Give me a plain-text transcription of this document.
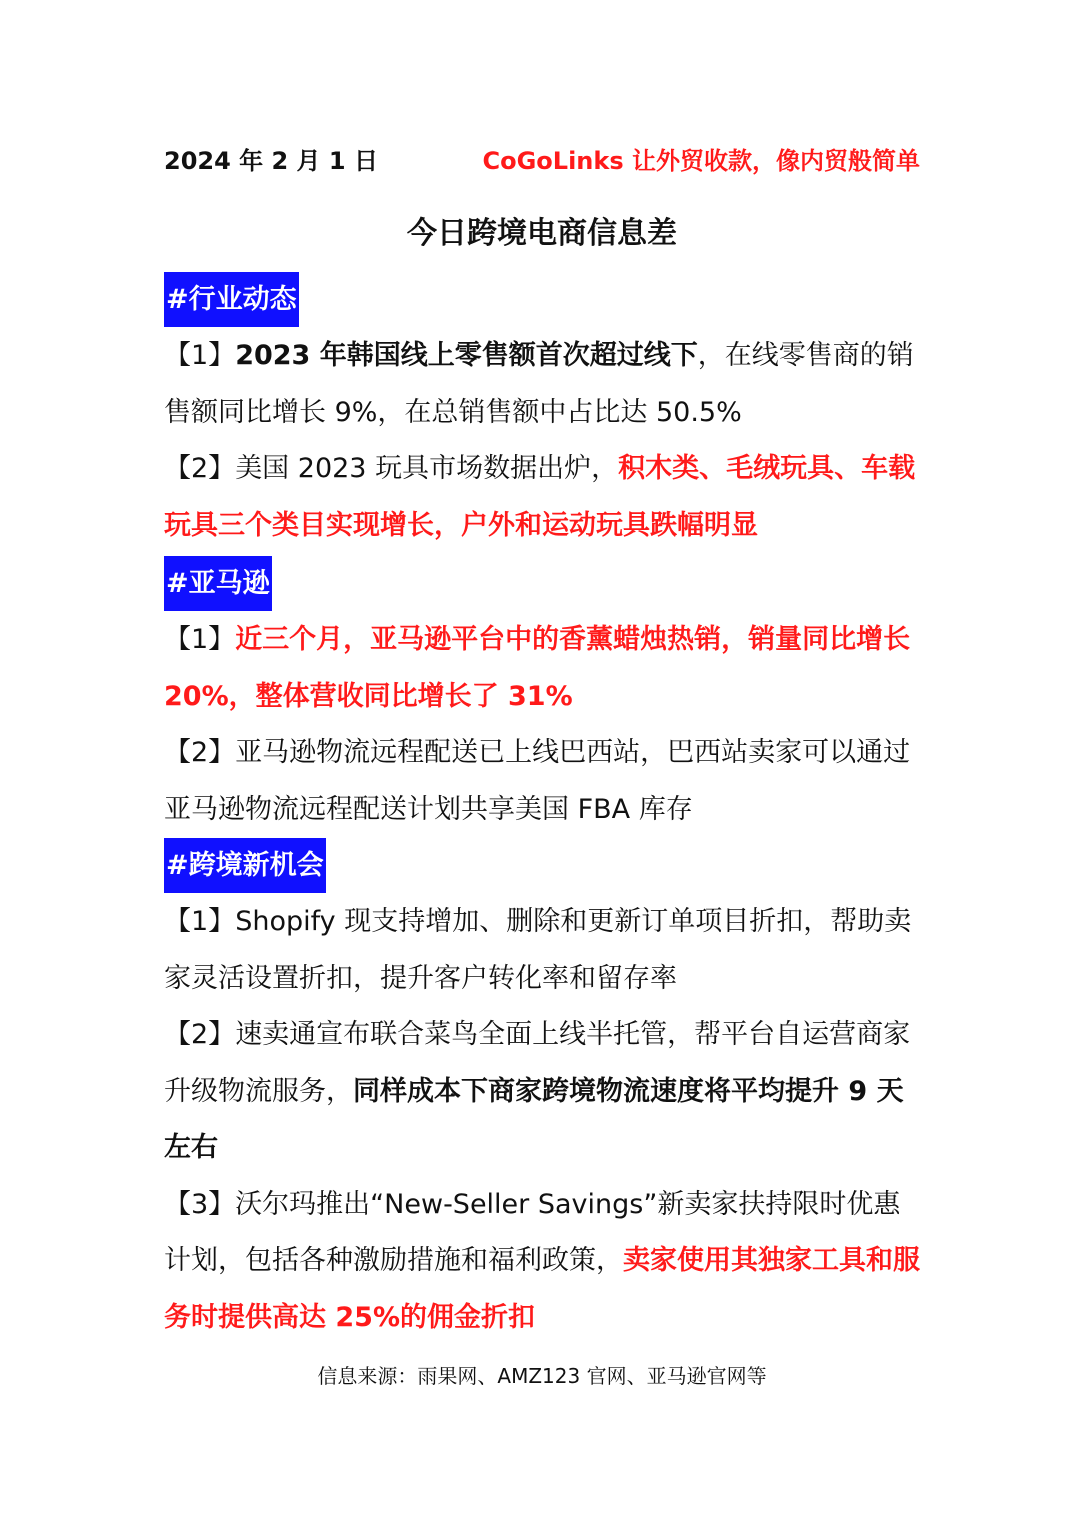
2024 年 2 月 1 日	CoGoLinks 让外贸收款，像内贸般简单
今日跨境电商信息差
#行业动态
【1】2023 年韩国线上零售额首次超过线下，在线零售商的销售额同比增长 9%，在总销售额中占比达 50.5%
【2】美国 2023 玩具市场数据出炉，积木类、毛绒玩具、车载玩具三个类目实现增长，户外和运动玩具跌幅明显
#亚马逊
【1】近三个月，亚马逊平台中的香薰蜡烛热销，销量同比增长 20%，整体营收同比增长了 31%
【2】亚马逊物流远程配送已上线巴西站，巴西站卖家可以通过亚马逊物流远程配送计划共享美国 FBA 库存
#跨境新机会
【1】Shopify 现支持增加、删除和更新订单项目折扣，帮助卖家灵活设置折扣，提升客户转化率和留存率
【2】速卖通宣布联合菜鸟全面上线半托管，帮平台自运营商家升级物流服务，同样成本下商家跨境物流速度将平均提升 9 天左右
【3】沃尔玛推出“New-Seller Savings”新卖家扶持限时优惠计划，包括各种激励措施和福利政策，卖家使用其独家工具和服务时提供高达 25%的佣金折扣
信息来源：雨果网、AMZ123 官网、亚马逊官网等
